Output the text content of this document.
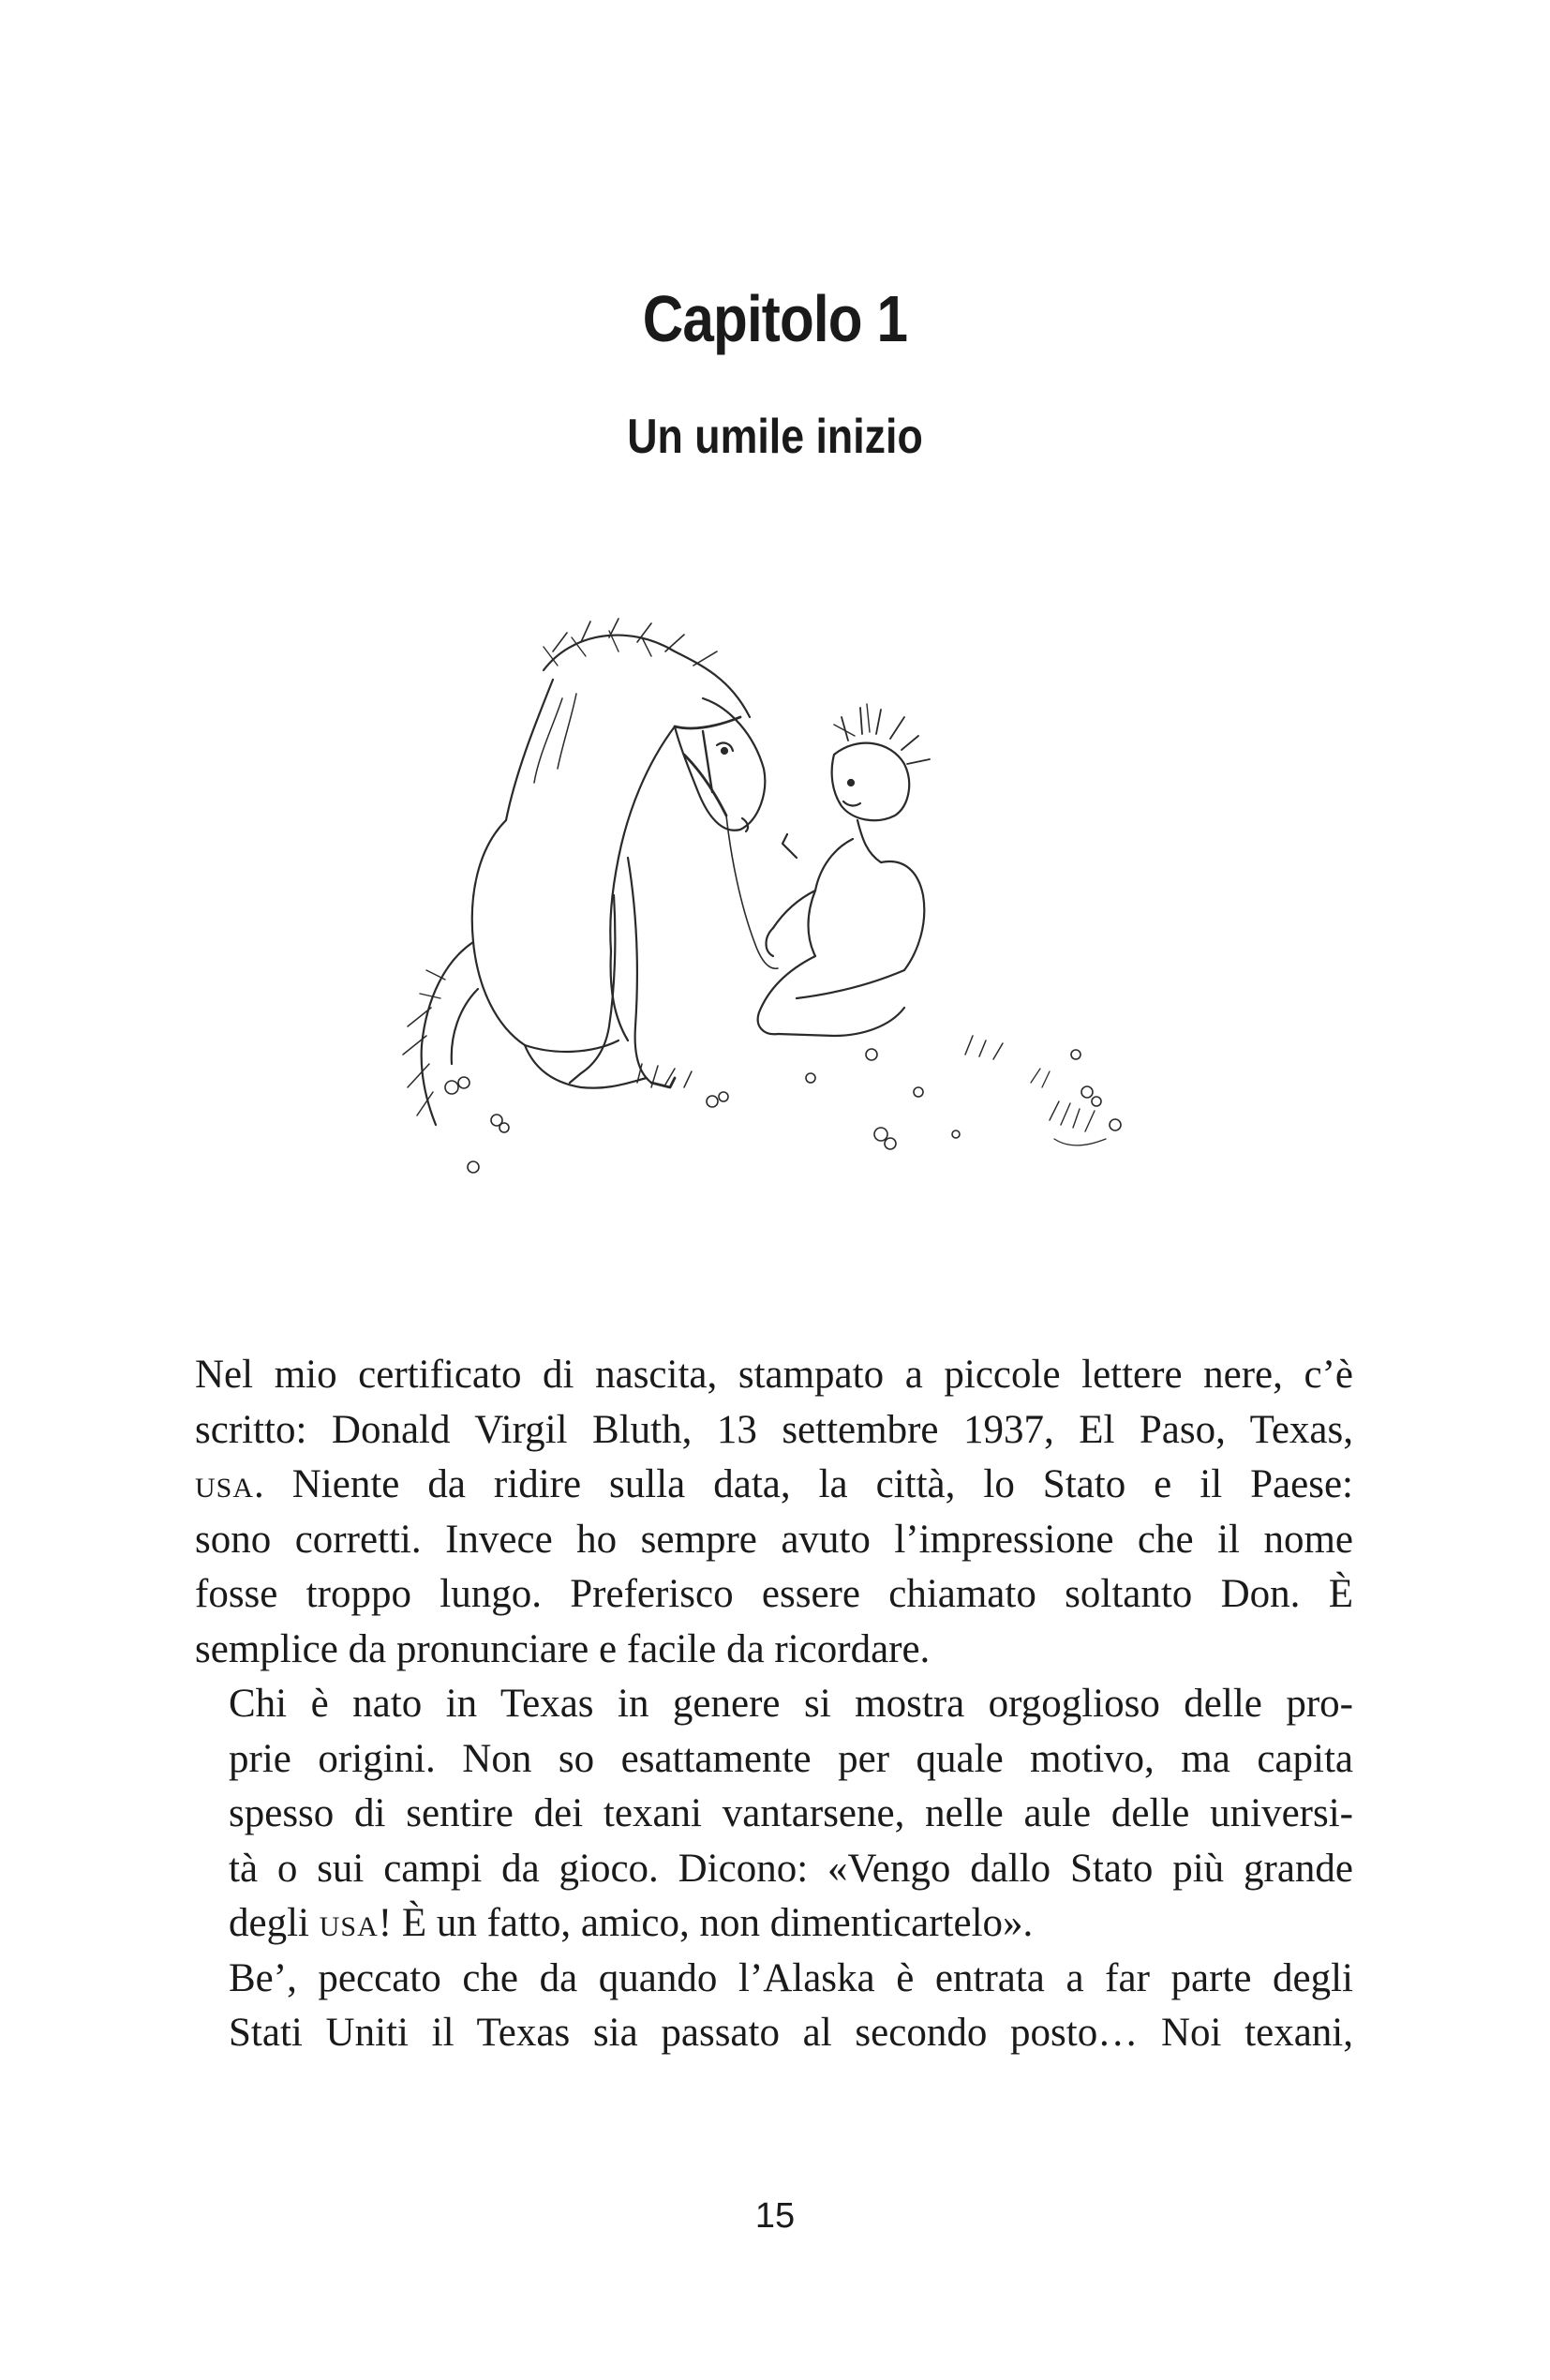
Capitolo 1
Un umile inizio

Nel mio certificato di nascita, stampato a piccole lettere nere, c’è
scritto: Donald Virgil Bluth, 13 settembre 1937, El Paso, Texas,
usa. Niente da ridire sulla data, la città, lo Stato e il Paese:
sono corretti. Invece ho sempre avuto l’impressione che il nome
fosse troppo lungo. Preferisco essere chiamato soltanto Don. È
semplice da pronunciare e facile da ricordare.

Chi è nato in Texas in genere si mostra orgoglioso delle pro-
prie origini. Non so esattamente per quale motivo, ma capita
spesso di sentire dei texani vantarsene, nelle aule delle universi-
tà o sui campi da gioco. Dicono: «Vengo dallo Stato più grande
degli usa! È un fatto, amico, non dimenticartelo».

Be’, peccato che da quando l’Alaska è entrata a far parte degli
Stati Uniti il Texas sia passato al secondo posto… Noi texani,

15
